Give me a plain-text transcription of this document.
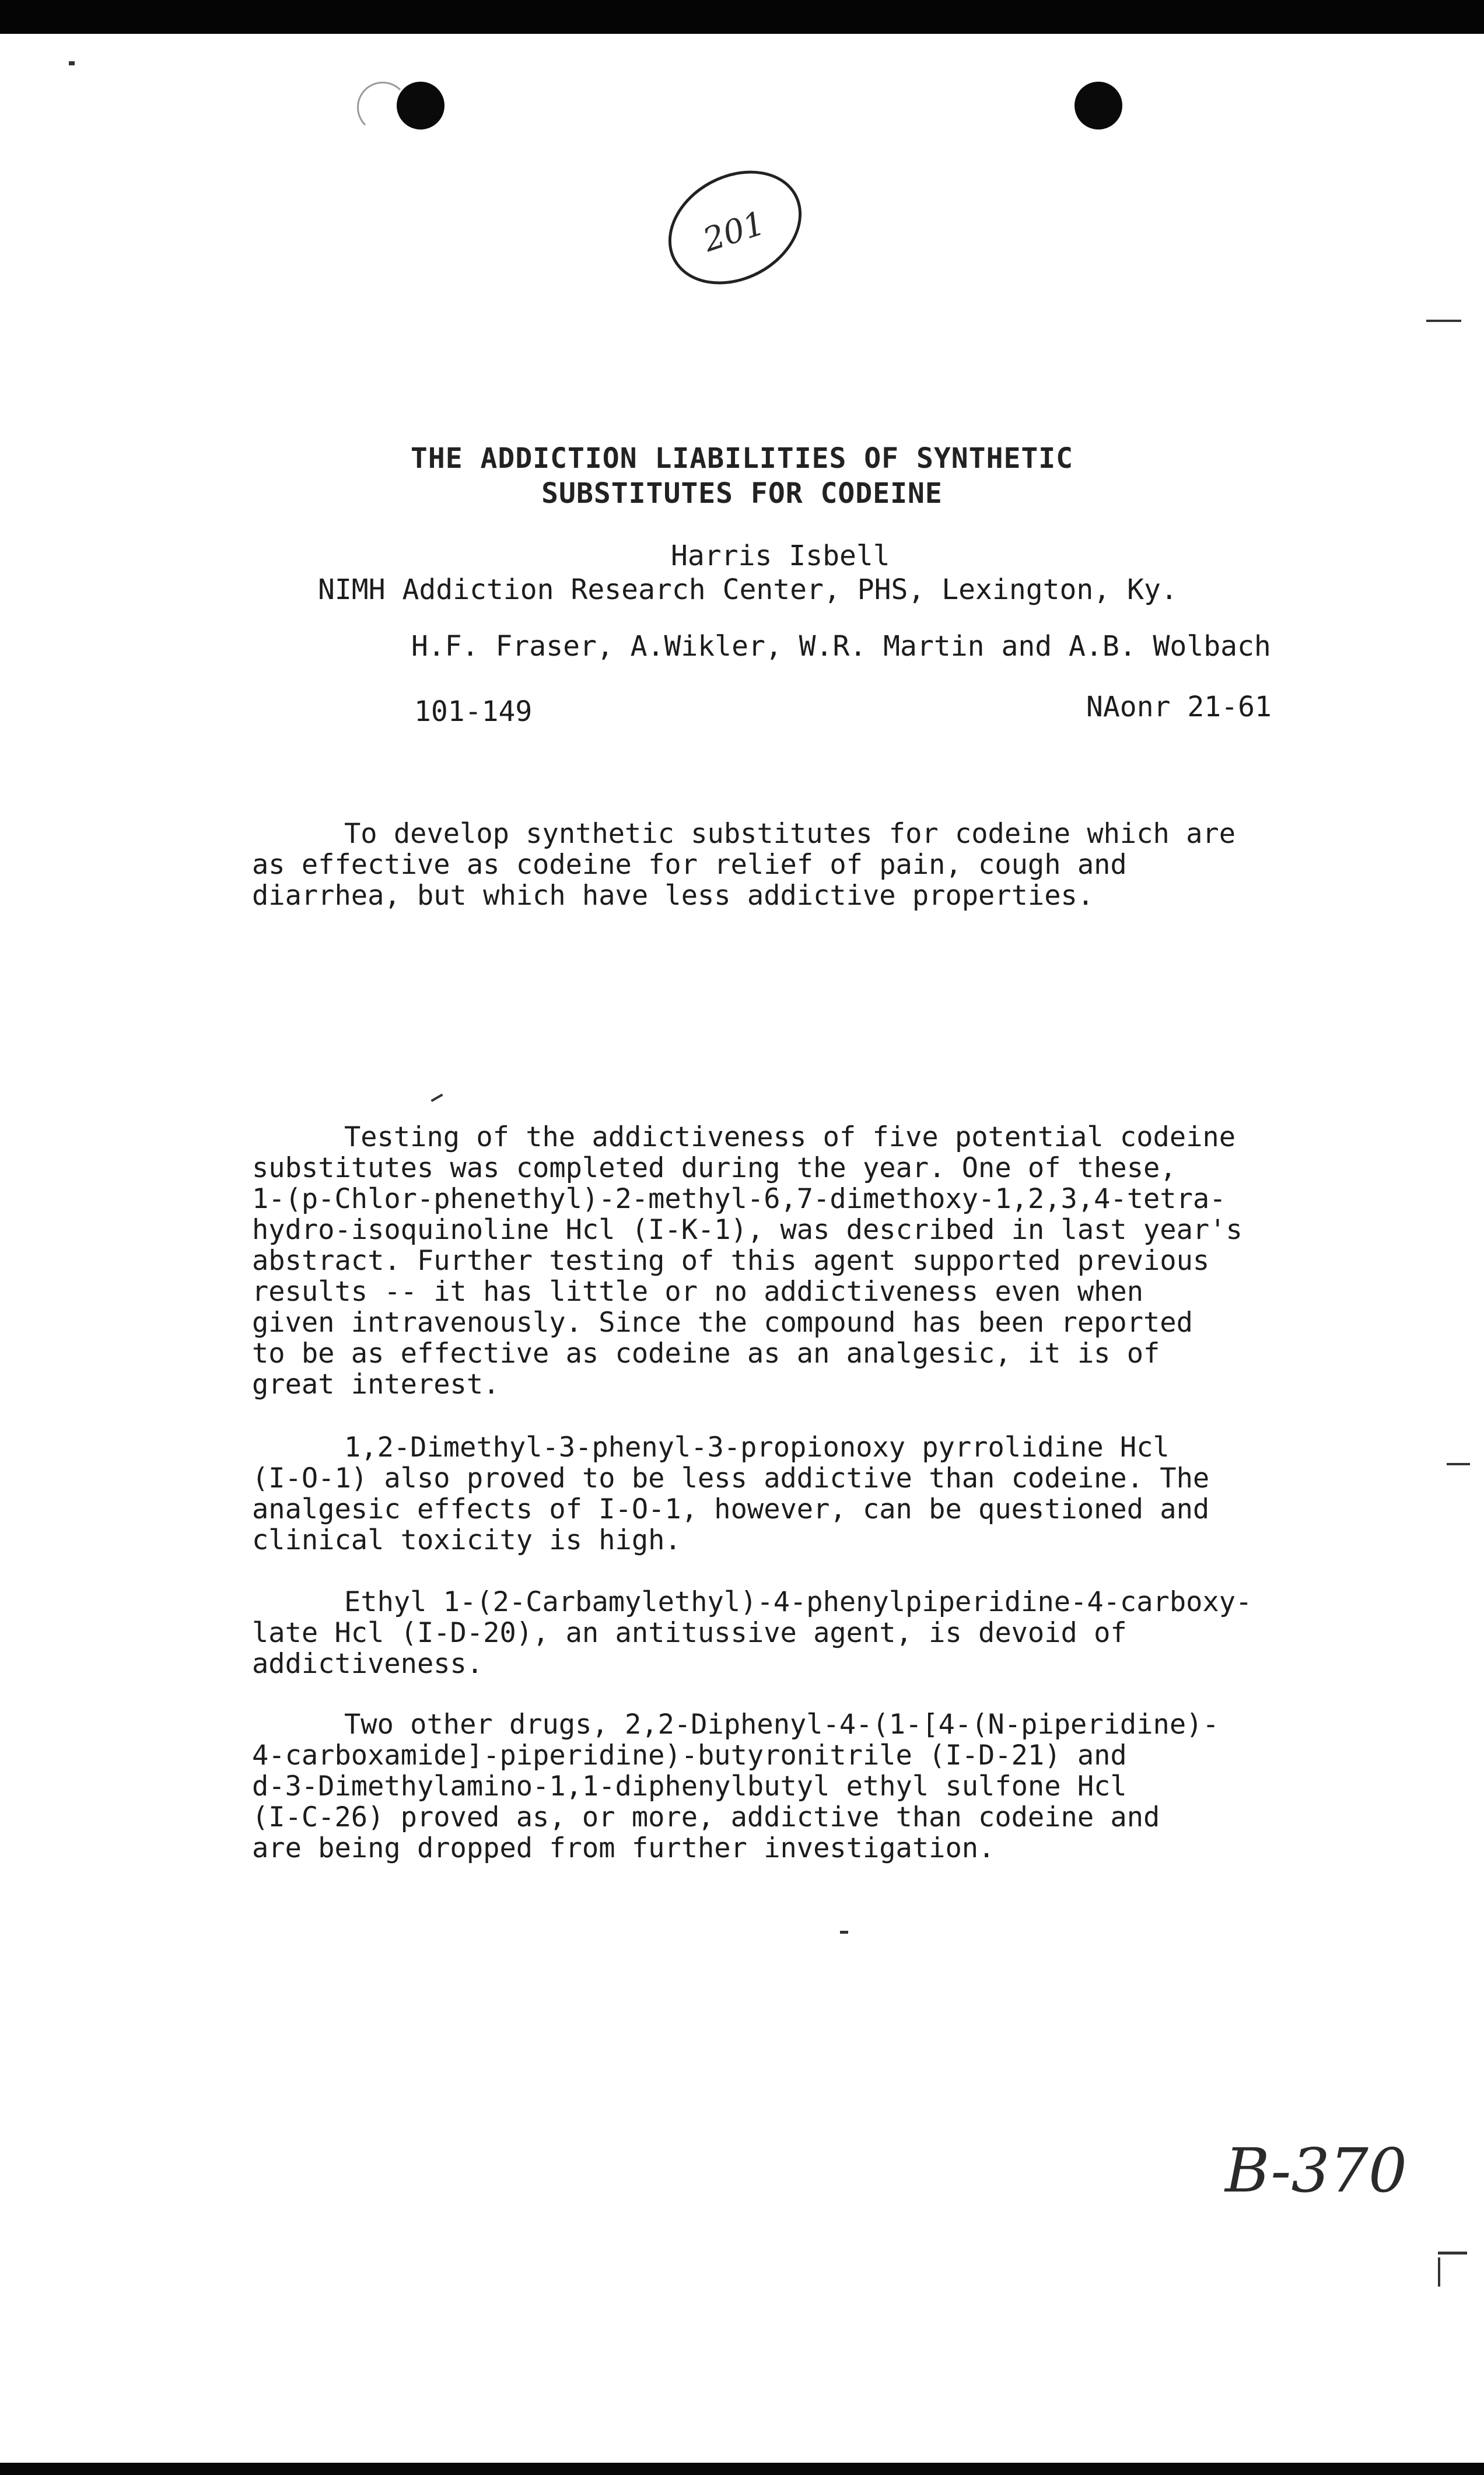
201
THE ADDICTION LIABILITIES OF SYNTHETIC
SUBSTITUTES FOR CODEINE
Harris Isbell
NIMH Addiction Research Center, PHS, Lexington, Ky.
H.F. Fraser, A.Wikler, W.R. Martin and A.B. Wolbach
101-149	NAonr 21-61

To develop synthetic substitutes for codeine which are
as effective as codeine for relief of pain, cough and
diarrhea, but which have less addictive properties.

Testing of the addictiveness of five potential codeine
substitutes was completed during the year. One of these,
1-(p-Chlor-phenethyl)-2-methyl-6,7-dimethoxy-1,2,3,4-tetra-
hydro-isoquinoline Hcl (I-K-1), was described in last year's
abstract. Further testing of this agent supported previous
results -- it has little or no addictiveness even when
given intravenously. Since the compound has been reported
to be as effective as codeine as an analgesic, it is of
great interest.

1,2-Dimethyl-3-phenyl-3-propionoxy pyrrolidine Hcl
(I-O-1) also proved to be less addictive than codeine. The
analgesic effects of I-O-1, however, can be questioned and
clinical toxicity is high.

Ethyl 1-(2-Carbamylethyl)-4-phenylpiperidine-4-carboxy-
late Hcl (I-D-20), an antitussive agent, is devoid of
addictiveness.

Two other drugs, 2,2-Diphenyl-4-(1-[4-(N-piperidine)-
4-carboxamide]-piperidine)-butyronitrile (I-D-21) and
d-3-Dimethylamino-1,1-diphenylbutyl ethyl sulfone Hcl
(I-C-26) proved as, or more, addictive than codeine and
are being dropped from further investigation.

B-370
